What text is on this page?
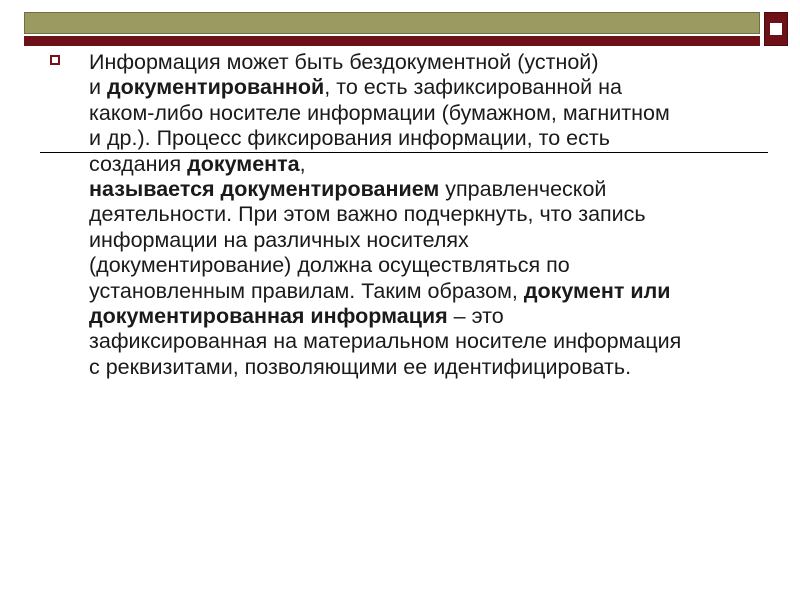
Информация может быть бездокументной (устной)
и документированной, то есть зафиксированной на
каком-либо носителе информации (бумажном, магнитном
и др.). Процесс фиксирования информации, то есть
создания документа,
называется документированием управленческой
деятельности. При этом важно подчеркнуть, что запись
информации на различных носителях
(документирование) должна осуществляться по
установленным правилам. Таким образом, документ или
документированная информация – это
зафиксированная на материальном носителе информация
с реквизитами, позволяющими ее идентифицировать.
